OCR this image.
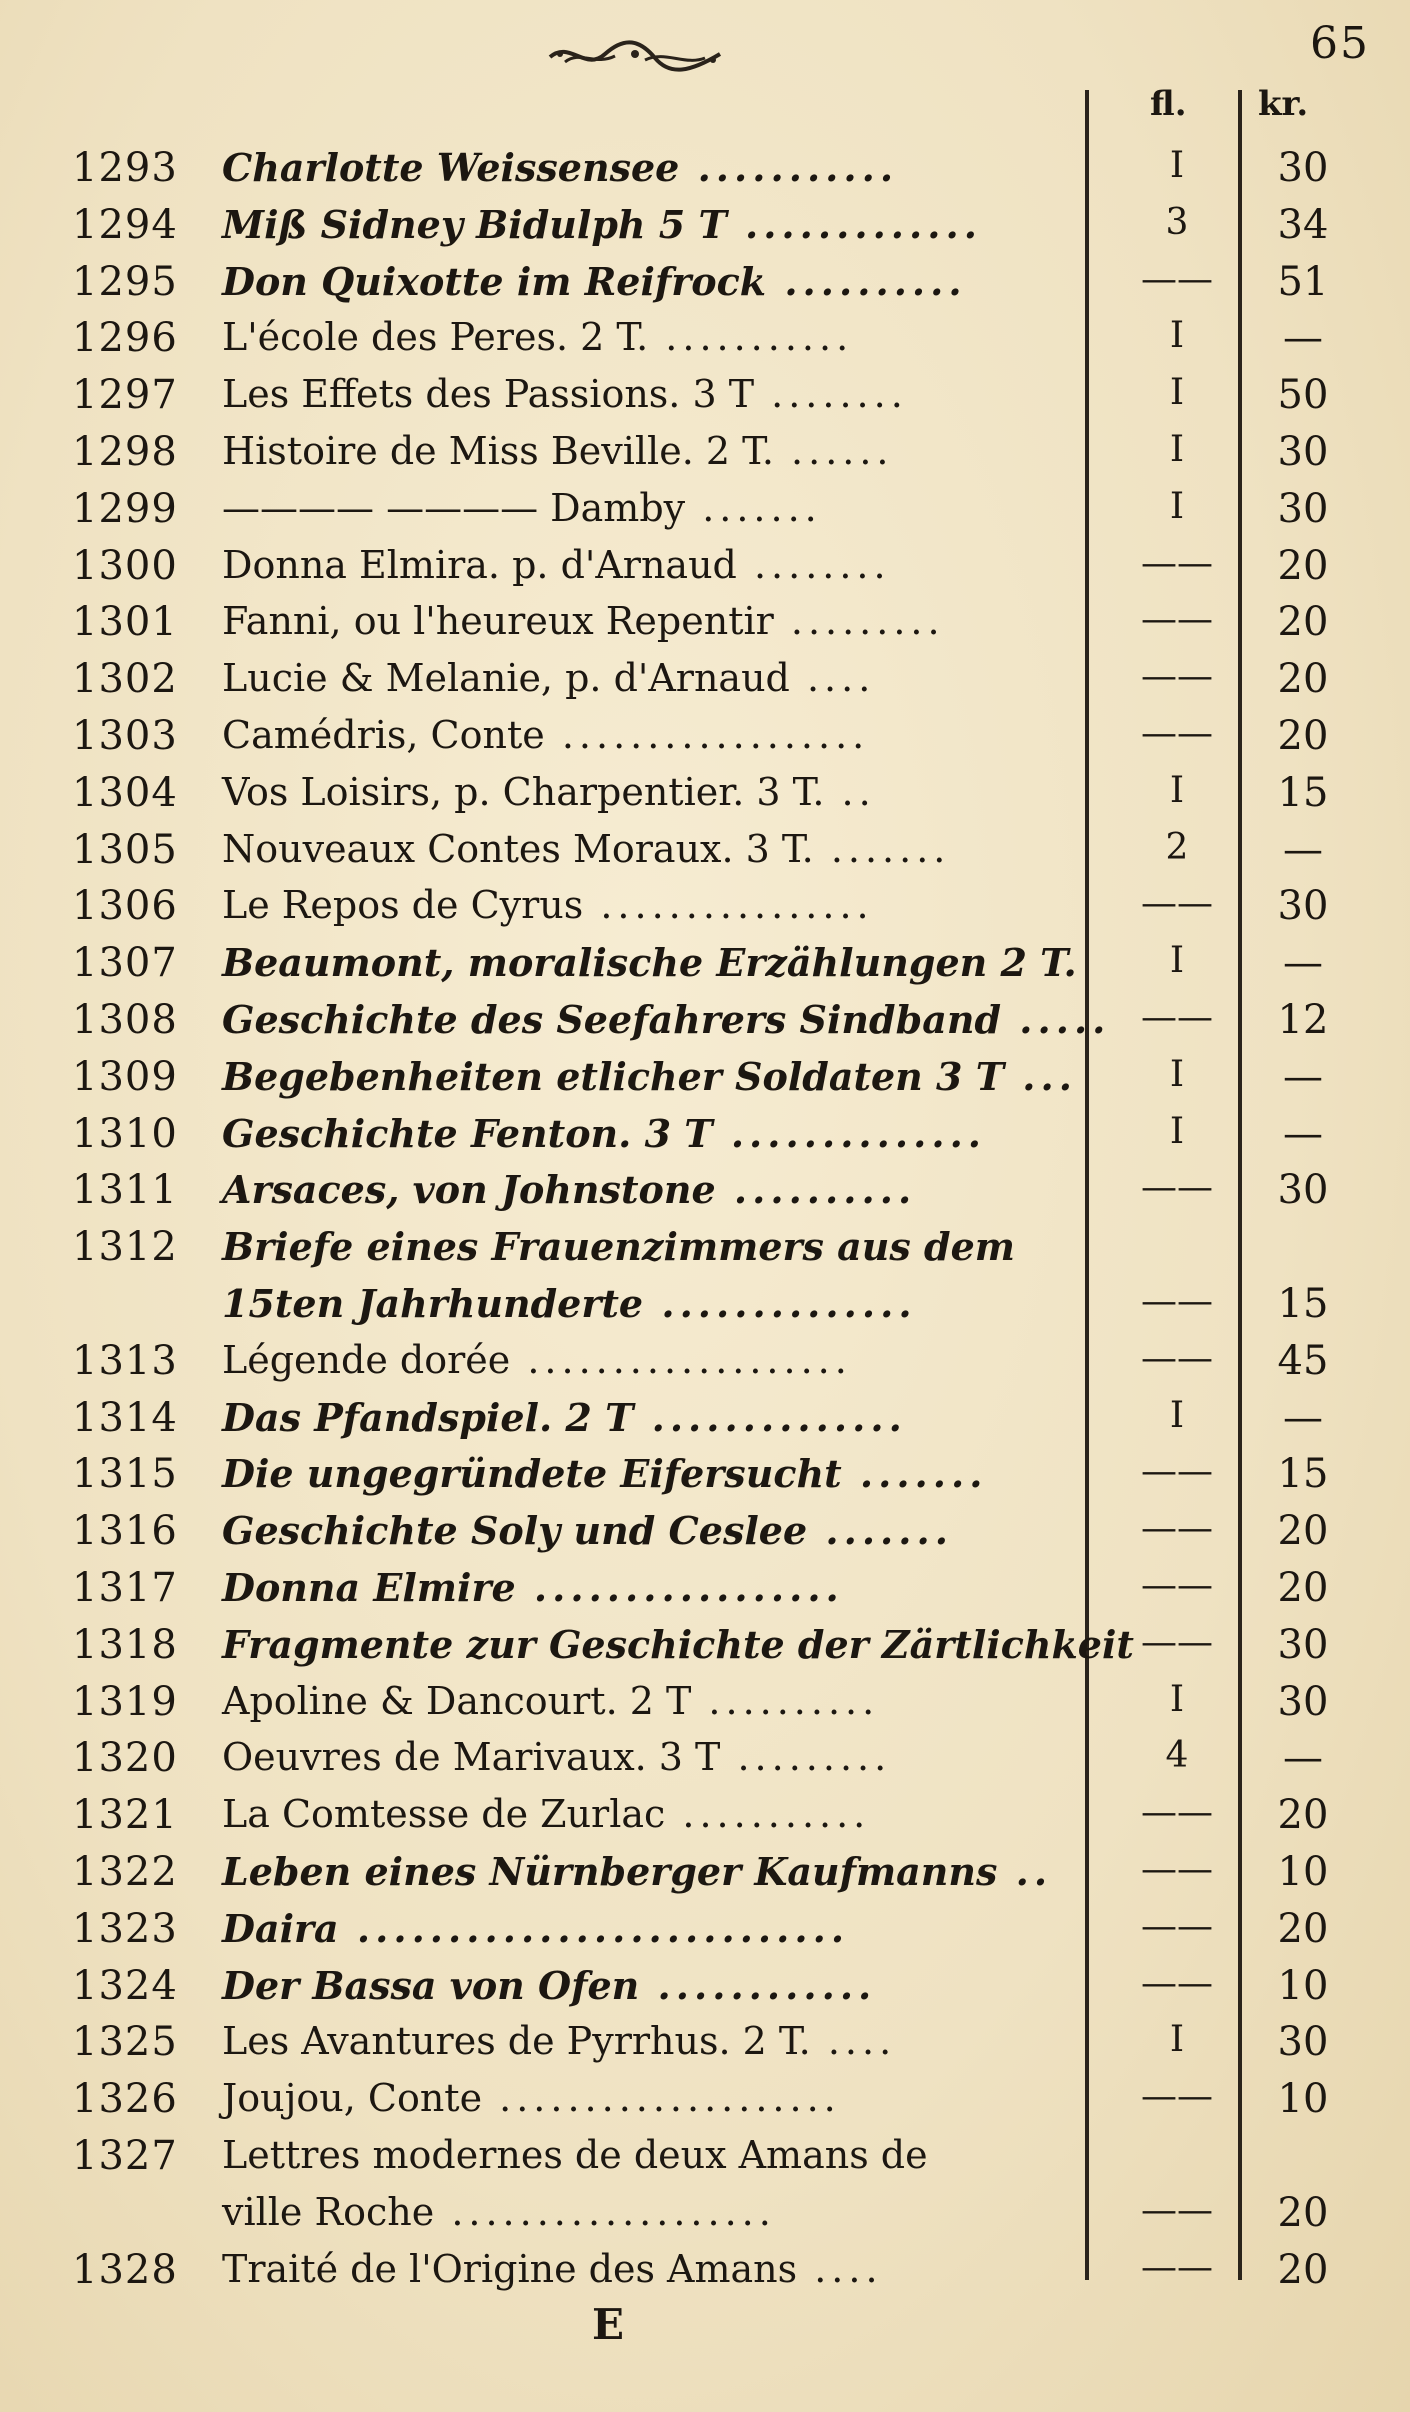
65
fl. kr.
1293	Charlotte Weissensee ...........	I	30
1294	Miß Sidney Bidulph 5 T .............	3	34
1295	Don Quixotte im Reifrock ..........	——	51
1296	L'école des Peres. 2 T. ...........	I	—
1297	Les Effets des Passions. 3 T ........	I	50
1298	Histoire de Miss Beville. 2 T. ......	I	30
1299	———— ———— Damby .......	I	30
1300	Donna Elmira. p. d'Arnaud ........	——	20
1301	Fanni, ou l'heureux Repentir .........	——	20
1302	Lucie & Melanie, p. d'Arnaud ....	——	20
1303	Camédris, Conte ..................	——	20
1304	Vos Loisirs, p. Charpentier. 3 T. ..	I	15
1305	Nouveaux Contes Moraux. 3 T. .......	2	—
1306	Le Repos de Cyrus ................	——	30
1307	Beaumont, moralische Erzählungen 2 T.	I	—
1308	Geschichte des Seefahrers Sindband ..... ——	12
1309	Begebenheiten etlicher Soldaten 3 T ...	I	—
1310	Geschichte Fenton. 3 T ..............	I	—
1311	Arsaces, von Johnstone ..........	——	30
1312	Briefe eines Frauenzimmers aus dem
15ten Jahrhunderte ..............	——	15
1313	Légende dorée ...................	——	45
1314	Das Pfandspiel. 2 T ..............	I	—
1315	Die ungegründete Eifersucht .......	——	15
1316	Geschichte Soly und Ceslee .......	——	20
1317	Donna Elmire .................	——	20
1318	Fragmente zur Geschichte der Zärtlichkeit ——	30
1319	Apoline & Dancourt. 2 T ..........	I	30
1320	Oeuvres de Marivaux. 3 T .........	4	—
1321	La Comtesse de Zurlac ...........	——	20
1322	Leben eines Nürnberger Kaufmanns ..	——	10
1323	Daira ...........................	——	20
1324	Der Bassa von Ofen ............	——	10
1325	Les Avantures de Pyrrhus. 2 T. ....	I	30
1326	Joujou, Conte ....................	——	10
1327	Lettres modernes de deux Amans de
ville Roche ...................	——	20
1328	Traité de l'Origine des Amans ....	——	20
E
